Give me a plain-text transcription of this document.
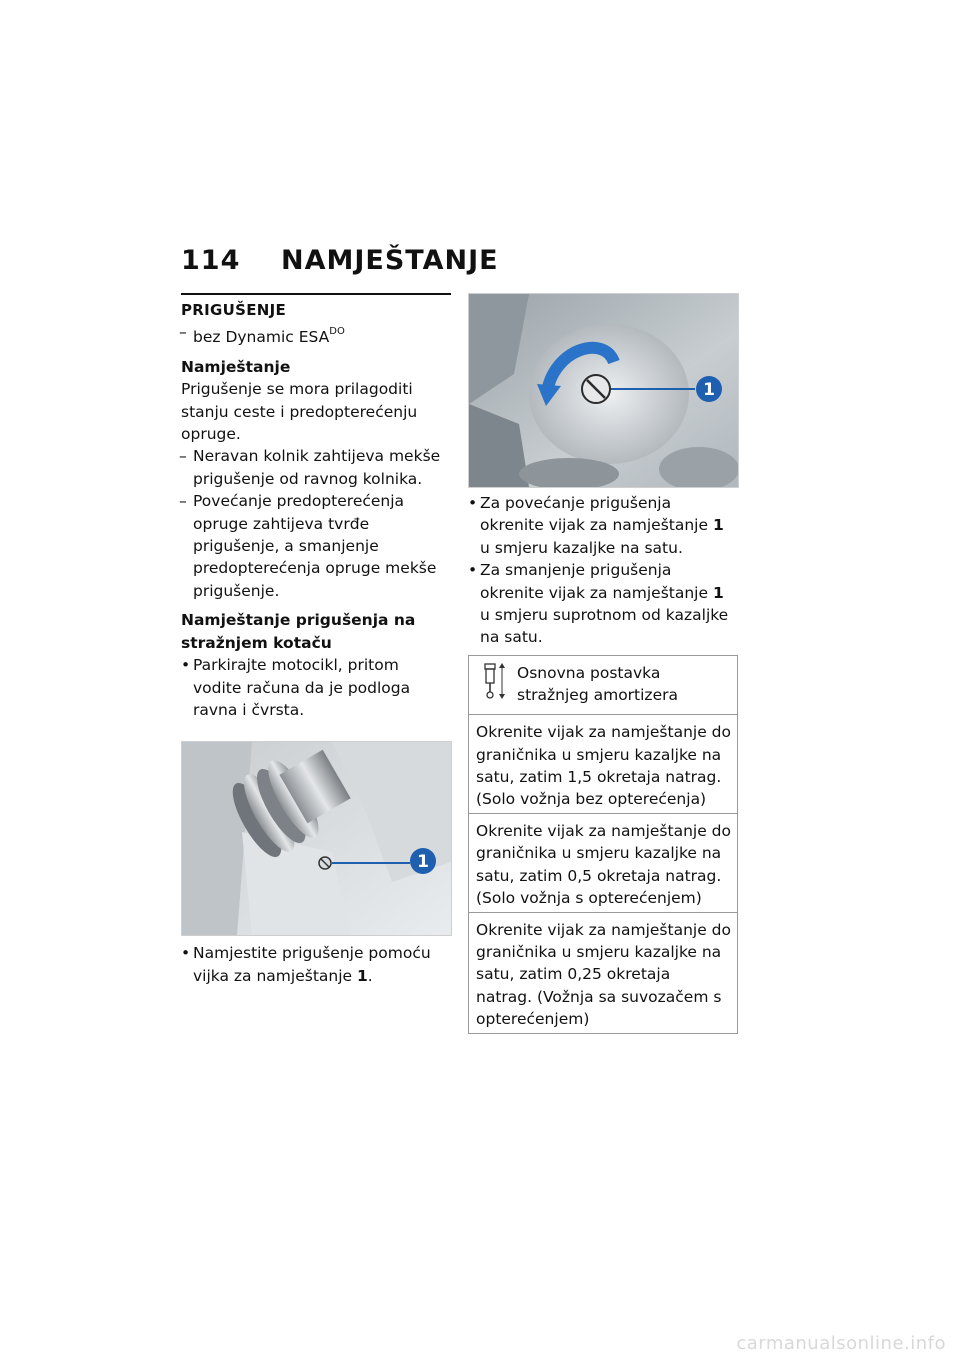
114 NAMJEŠTANJE
PRIGUŠENJE

– bez Dynamic $ESA^{DO}$

Namještanje

Prigušenje se mora prilagoditi stanju ceste i predopterećenju opruge.

– Neravan kolnik zahtijeva mekše prigušenje od ravnog kolnika.

– Povećanje predopterećenja opruge zahtijeva tvrđe prigušenje, a smanjenje predopterećenja opruge mekše prigušenje.

Namještanje prigušenja na stražnjem kotaču

• Parkirajte motocikl, pritom vodite računa da je podloga ravna i čvrsta.

1

• Namjestite prigušenje pomoću vijka za namještanje 1.

1

• Za povećanje prigušenja okrenite vijak za namještanje 1 u smjeru kazaljke na satu.

• Za smanjenje prigušenja okrenite vijak za namještanje 1 u smjeru suprotnom od kazaljke na satu.

Osnovna postavka stražnjeg amortizera
Okrenite vijak za namještanje do graničnika u smjeru kazaljke na satu, zatim 1,5 okretaja natrag. (Solo vožnja bez opterećenja)
Okrenite vijak za namještanje do graničnika u smjeru kazaljke na satu, zatim 0,5 okretaja natrag. (Solo vožnja s opterećenjem)
Okrenite vijak za namještanje do graničnika u smjeru kazaljke na satu, zatim 0,25 okretaja natrag. (Vožnja sa suvozačem s opterećenjem)
carmanualsonline.info
